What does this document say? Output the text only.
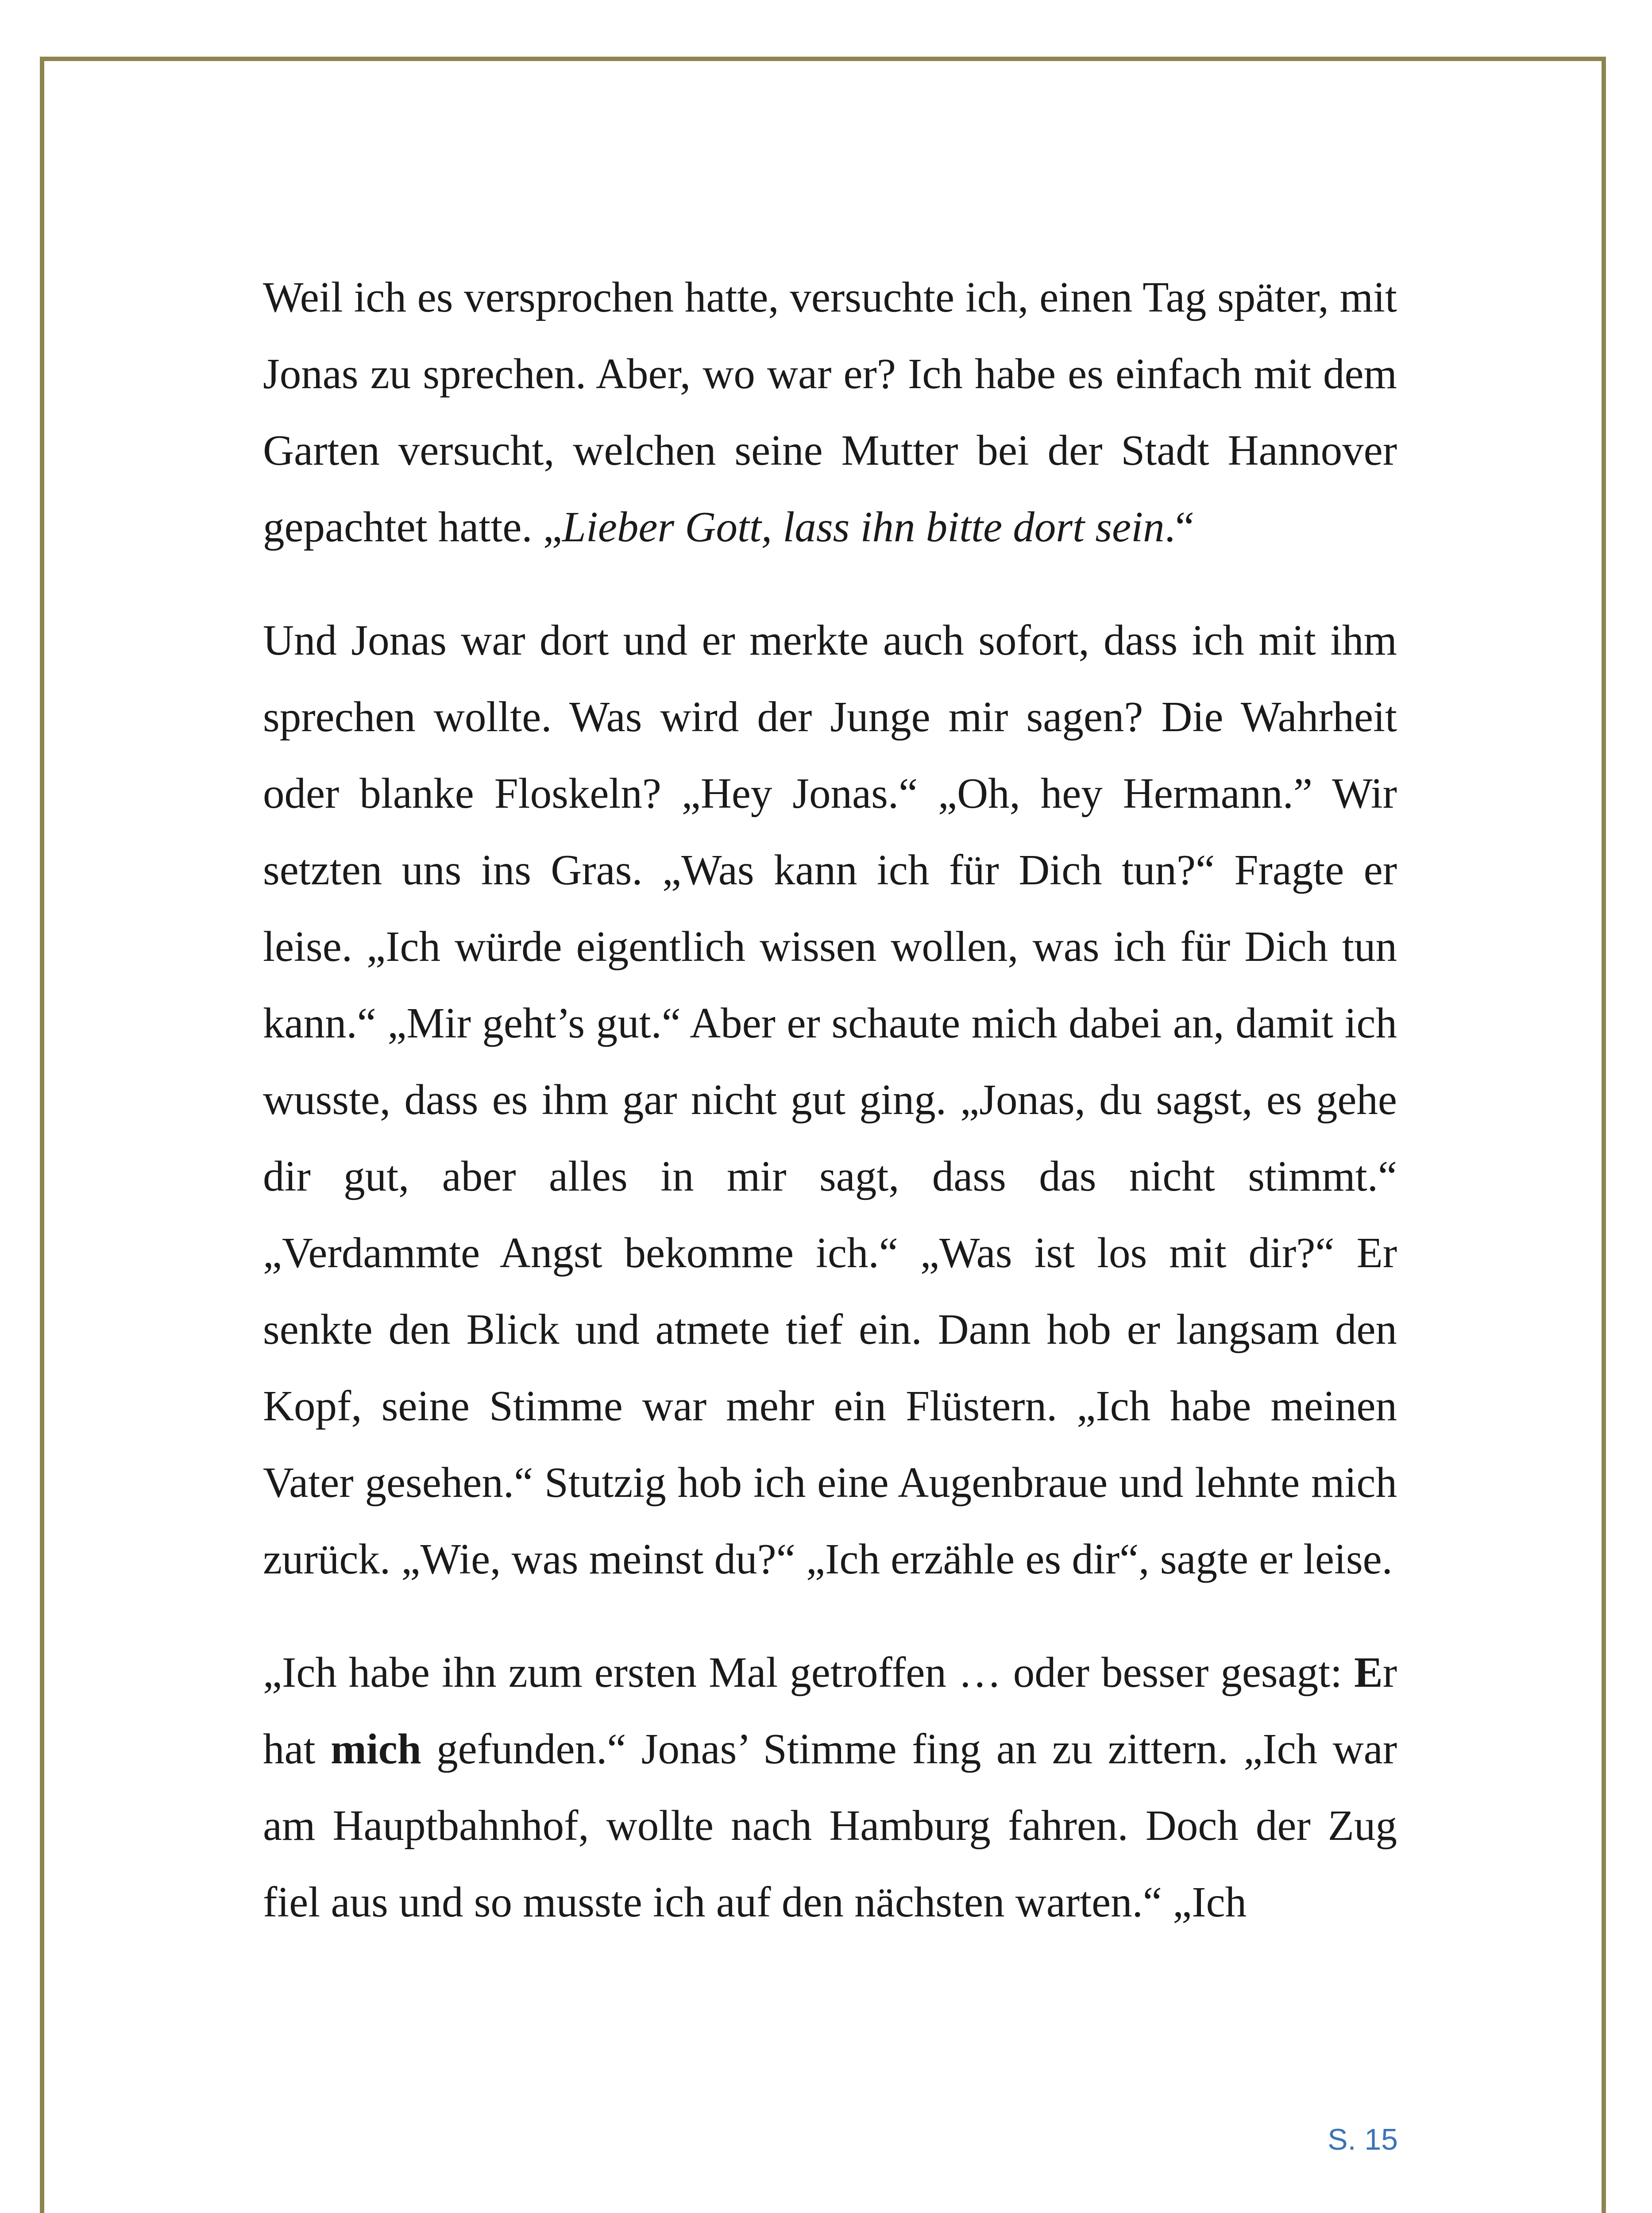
Weil ich es versprochen hatte, versuchte ich, einen Tag später, mit Jonas zu sprechen. Aber, wo war er? Ich habe es einfach mit dem Garten versucht, welchen seine Mutter bei der Stadt Hannover gepachtet hatte. „Lieber Gott, lass ihn bitte dort sein.“

Und Jonas war dort und er merkte auch sofort, dass ich mit ihm sprechen wollte. Was wird der Junge mir sagen? Die Wahrheit oder blanke Floskeln? „Hey Jonas.“ „Oh, hey Hermann.” Wir setzten uns ins Gras. „Was kann ich für Dich tun?“ Fragte er leise. „Ich würde eigentlich wissen wollen, was ich für Dich tun kann.“ „Mir geht’s gut.“ Aber er schaute mich dabei an, damit ich wusste, dass es ihm gar nicht gut ging. „Jonas, du sagst, es gehe dir gut, aber alles in mir sagt, dass das nicht stimmt.“ „Verdammte Angst bekomme ich.“ „Was ist los mit dir?“ Er senkte den Blick und atmete tief ein. Dann hob er langsam den Kopf, seine Stimme war mehr ein Flüstern. „Ich habe meinen Vater gesehen.“ Stutzig hob ich eine Augenbraue und lehnte mich zurück. „Wie, was meinst du?“ „Ich erzähle es dir“, sagte er leise.

„Ich habe ihn zum ersten Mal getroffen … oder besser gesagt: Er hat mich gefunden.“ Jonas’ Stimme fing an zu zittern. „Ich war am Hauptbahnhof, wollte nach Hamburg fahren. Doch der Zug fiel aus und so musste ich auf den nächsten warten.“ „Ich

S. 15
